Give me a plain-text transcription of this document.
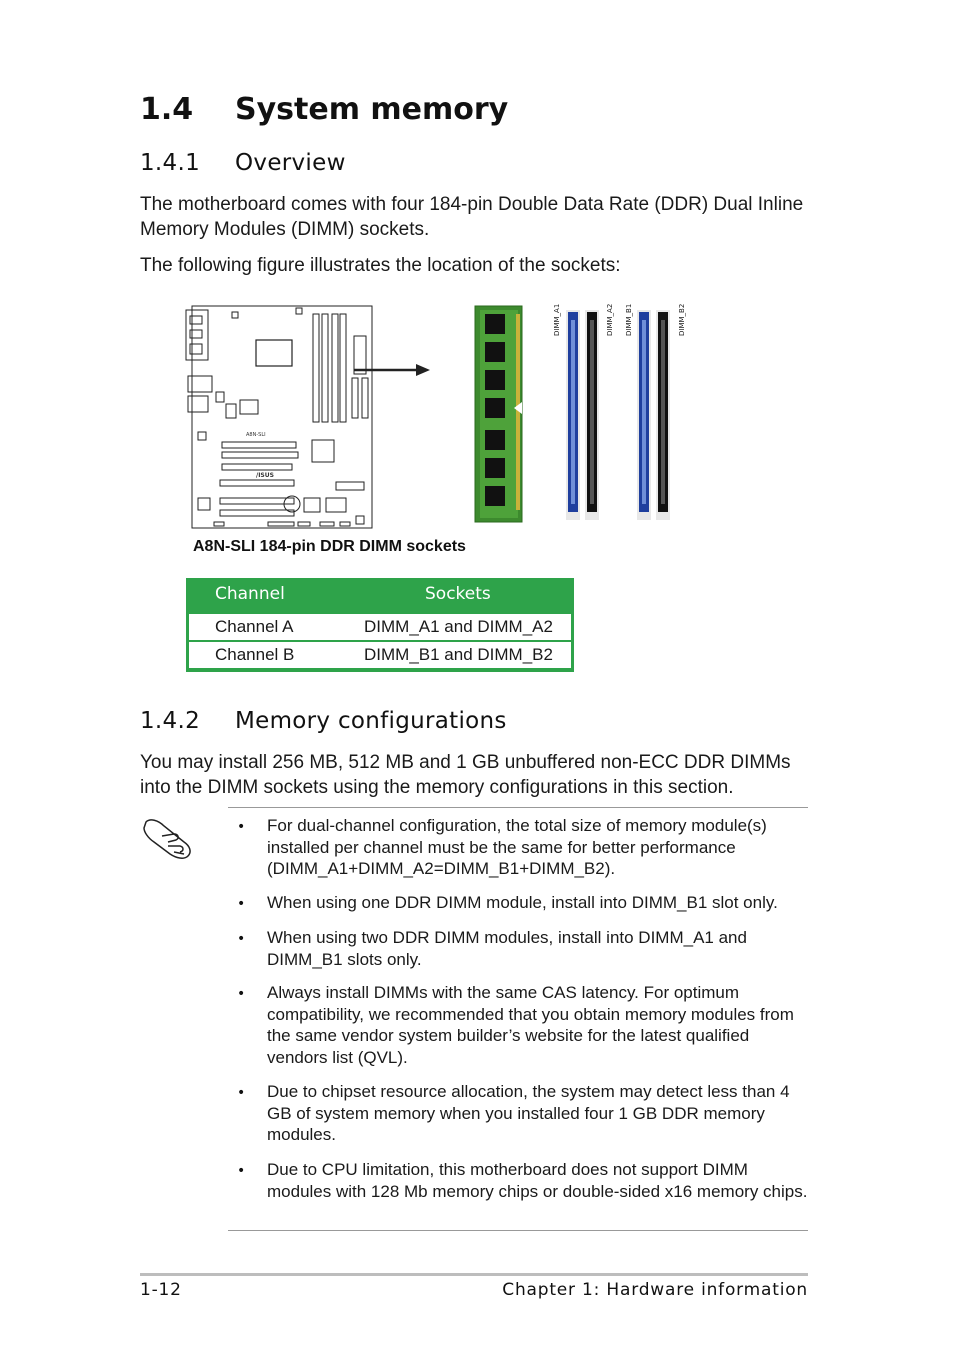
1.4 System memory
1.4.1 Overview

The motherboard comes with four 184-pin Double Data Rate (DDR) Dual Inline Memory Modules (DIMM) sockets.

The following figure illustrates the location of the sockets:

A8N-SLI
/ISUS
DIMM_A1	DIMM_A2 DIMM_B1	DIMM_B2
A8N-SLI 184-pin DDR DIMM sockets
Channel	Sockets
Channel A	DIMM_A1 and DIMM_A2
Channel B	DIMM_B1 and DIMM_B2
1.4.2 Memory configurations

You may install 256 MB, 512 MB and 1 GB unbuffered non-ECC DDR DIMMs into the DIMM sockets using the memory configurations in this section.

• For dual-channel configuration, the total size of memory module(s) installed per channel must be the same for better performance (DIMM_A1+DIMM_A2=DIMM_B1+DIMM_B2).

• When using one DDR DIMM module, install into DIMM_B1 slot only.

• When using two DDR DIMM modules, install into DIMM_A1 and DIMM_B1 slots only.

• Always install DIMMs with the same CAS latency. For optimum compatibility, we recommended that you obtain memory modules from the same vendor system builder’s website for the latest qualified vendors list (QVL).

• Due to chipset resource allocation, the system may detect less than 4 GB of system memory when you installed four 1 GB DDR memory modules.

• Due to CPU limitation, this motherboard does not support DIMM modules with 128 Mb memory chips or double-sided x16 memory chips.

1-12	Chapter 1: Hardware information
